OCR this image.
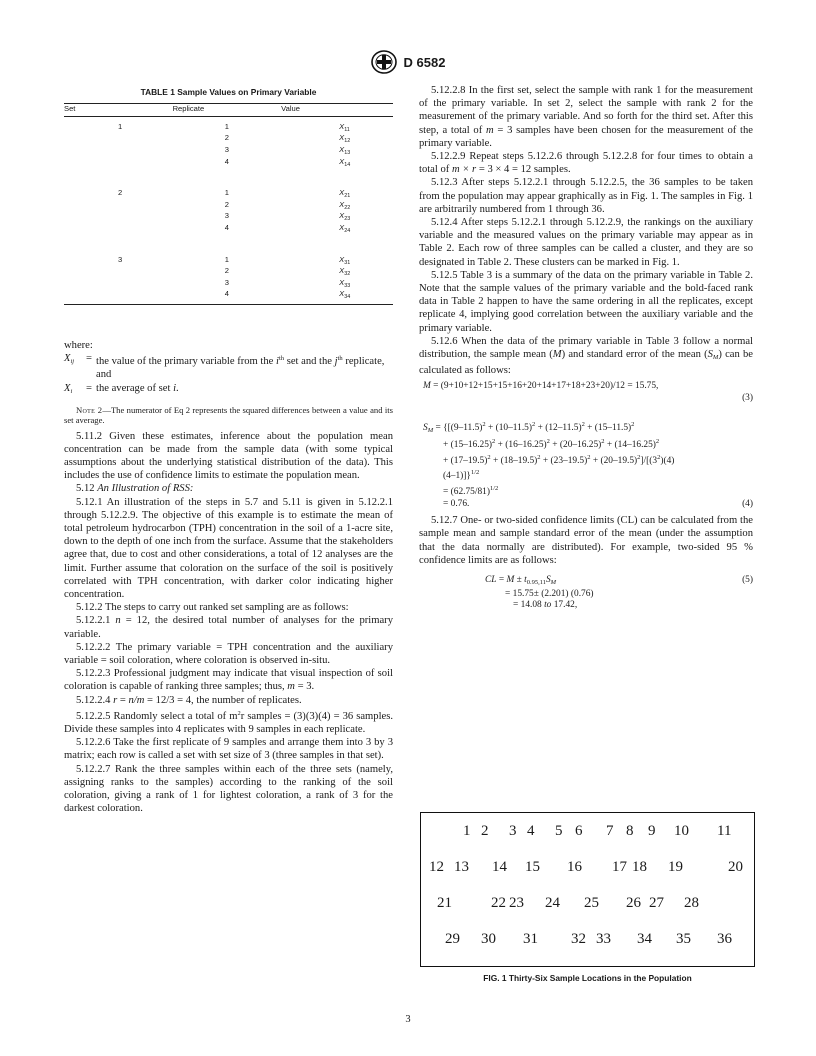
D 6582
TABLE 1 Sample Values on Primary Variable
Set	Replicate	Value
1	1	$X_{11}$
	2	$X_{12}$
	3	$X_{13}$
	4	$X_{14}$

2	1	$X_{21}$
	2	$X_{22}$
	3	$X_{23}$
	4	$X_{24}$

3	1	$X_{31}$
	2	$X_{32}$
	3	$X_{33}$
	4	$X_{34}$
where:
$X_{ij}$	= the value of the primary variable from the $i^{th}$ set and the $j^{th}$ replicate, and
$X_i$	= the average of set i.
Note 2—The numerator of Eq 2 represents the squared differences between a value and its set average.

5.11.2 Given these estimates, inference about the population mean concentration can be made from the sample data (with some typical assumptions about the underlying statistical distribution of the data). This includes the use of confidence limits to estimate the population mean.

5.12 An Illustration of RSS:

5.12.1 An illustration of the steps in 5.7 and 5.11 is given in 5.12.2.1 through 5.12.2.9. The objective of this example is to estimate the mean of total petroleum hydrocarbon (TPH) concentration in the soil of a 1-acre site, down to the depth of one inch from the surface. Assume that the stakeholders agree that, due to cost and other considerations, a total of 12 analyses are the limit. Further assume that coloration on the surface of the soil is positively correlated with TPH concentration, with darker color indicating higher concentration.

5.12.2 The steps to carry out ranked set sampling are as follows:

5.12.2.1 n = 12, the desired total number of analyses for the primary variable.

5.12.2.2 The primary variable = TPH concentration and the auxiliary variable = soil coloration, where coloration is observed in-situ.

5.12.2.3 Professional judgment may indicate that visual inspection of soil coloration is capable of ranking three samples; thus, m = 3.

5.12.2.4 r = n/m = 12/3 = 4, the number of replicates.

5.12.2.5 Randomly select a total of $m^2r$ samples = (3)(3)(4) = 36 samples. Divide these samples into 4 replicates with 9 samples in each replicate.

5.12.2.6 Take the first replicate of 9 samples and arrange them into 3 by 3 matrix; each row is called a set with set size of 3 (three samples in that set).

5.12.2.7 Rank the three samples within each of the three sets (namely, assigning ranks to the samples) according to the ranking of the soil coloration, giving a rank of 1 for lightest coloration, a rank of 3 for the darkest coloration.

5.12.2.8 In the first set, select the sample with rank 1 for the measurement of the primary variable. In set 2, select the sample with rank 2 for the measurement of the primary variable. And so forth for the third set. After this step, a total of m = 3 samples have been chosen for the measurement of the primary variable.

5.12.2.9 Repeat steps 5.12.2.6 through 5.12.2.8 for four times to obtain a total of m × r = 3 × 4 = 12 samples.

5.12.3 After steps 5.12.2.1 through 5.12.2.5, the 36 samples to be taken from the population may appear graphically as in Fig. 1. The samples in Fig. 1 are arbitrarily numbered from 1 through 36.

5.12.4 After steps 5.12.2.1 through 5.12.2.9, the rankings on the auxiliary variable and the measured values on the primary variable may appear as in Table 2. Each row of three samples can be called a cluster, and they are so designated in Table 2. These clusters can be marked in Fig. 1.

5.12.5 Table 3 is a summary of the data on the primary variable in Table 2. Note that the sample values of the primary variable and the bold-faced rank data in Table 2 happen to have the same ordering in all the replicates, except replicate 4, implying good correlation between the auxiliary variable and the primary variable.

5.12.6 When the data of the primary variable in Table 3 follow a normal distribution, the sample mean (M) and standard error of the mean $(S_M)$ can be calculated as follows:

M = (9+10+12+15+15+16+20+14+17+18+23+20)/12 = 15.75,
(3)
$S_M = \{[(9-11.5)^2 + (10-11.5)^2 + (12-11.5)^2 + (15-11.5)^2$
+ $(15-16.25)^2 + (16-16.25)^2 + (20-16.25)^2 + (14-16.25)^2$
+ $(17-19.5)^2 + (18-19.5)^2 + (23-19.5)^2 + (20-19.5)^2]/[(3^2)(4)$
(4–1)]}$^{1/2}$
= $(62.75/81)^{1/2}$
= 0.76.	(4)

5.12.7 One- or two-sided confidence limits (CL) can be calculated from the sample mean and sample standard error of the mean (under the assumption that the data normally are distributed). For example, two-sided 95 % confidence limits are as follows:

CL = $M \pm t_{0.95,11}S_M$	(5)
= 15.75± (2.201) (0.76)
= 14.08 to 17.42,
1 2 3 4 5 6 7 8 9 10 11
12 13 14 15 16 17 18 19	20
21	22 23 24 25 26 27 28
29 30 31 32 33 34 35 36
FIG. 1 Thirty-Six Sample Locations in the Population
3
